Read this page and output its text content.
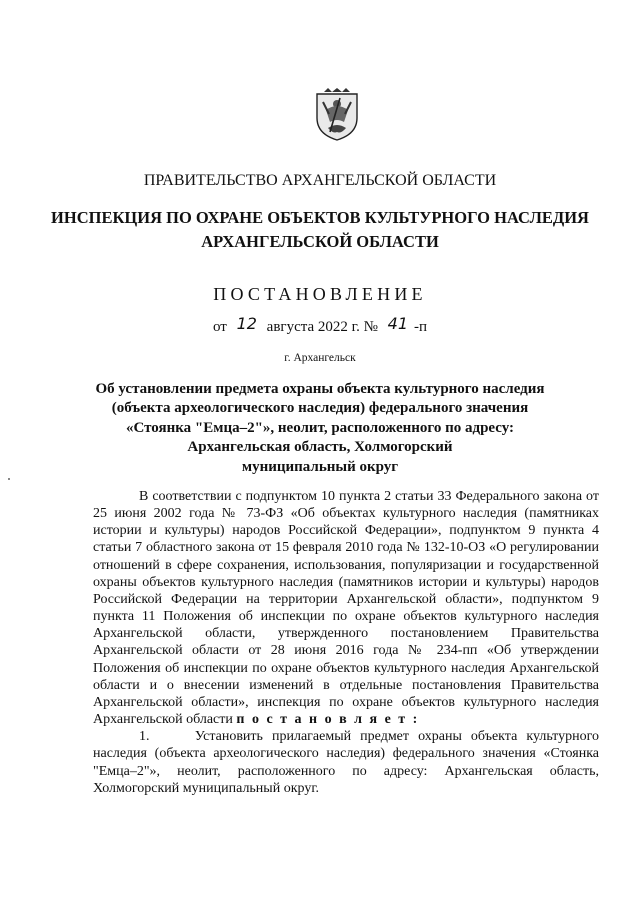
ПРАВИТЕЛЬСТВО АРХАНГЕЛЬСКОЙ ОБЛАСТИ
ИНСПЕКЦИЯ ПО ОХРАНЕ ОБЪЕКТОВ КУЛЬТУРНОГО НАСЛЕДИЯ
АРХАНГЕЛЬСКОЙ ОБЛАСТИ
ПОСТАНОВЛЕНИЕ
от 12 августа 2022 г. № 41 -п
г. Архангельск
Об установлении предмета охраны объекта культурного наследия
(объекта археологического наследия) федерального значения
«Стоянка "Емца–2"», неолит, расположенного по адресу:
Архангельская область, Холмогорский
муниципальный округ

В соответствии с подпунктом 10 пункта 2 статьи 33 Федерального закона от 25 июня 2002 года № 73-ФЗ «Об объектах культурного наследия (памятниках истории и культуры) народов Российской Федерации», подпунктом 9 пункта 4 статьи 7 областного закона от 15 февраля 2010 года № 132-10-ОЗ «О регулировании отношений в сфере сохранения, использования, популяризации и государственной охраны объектов культурного наследия (памятников истории и культуры) народов Российской Федерации на территории Архангельской области», подпунктом 9 пункта 11 Положения об инспекции по охране объектов культурного наследия Архангельской области, утвержденного постановлением Правительства Архангельской области от 28 июня 2016 года № 234-пп «Об утверждении Положения об инспекции по охране объектов культурного наследия Архангельской области и о внесении изменений в отдельные постановления Правительства Архангельской области», инспекция по охране объектов культурного наследия Архангельской области п о с т а н о в л я е т :

1.	Установить прилагаемый предмет охраны объекта культурного наследия (объекта археологического наследия) федерального значения «Стоянка "Емца–2"», неолит, расположенного по адресу: Архангельская область, Холмогорский муниципальный округ.
